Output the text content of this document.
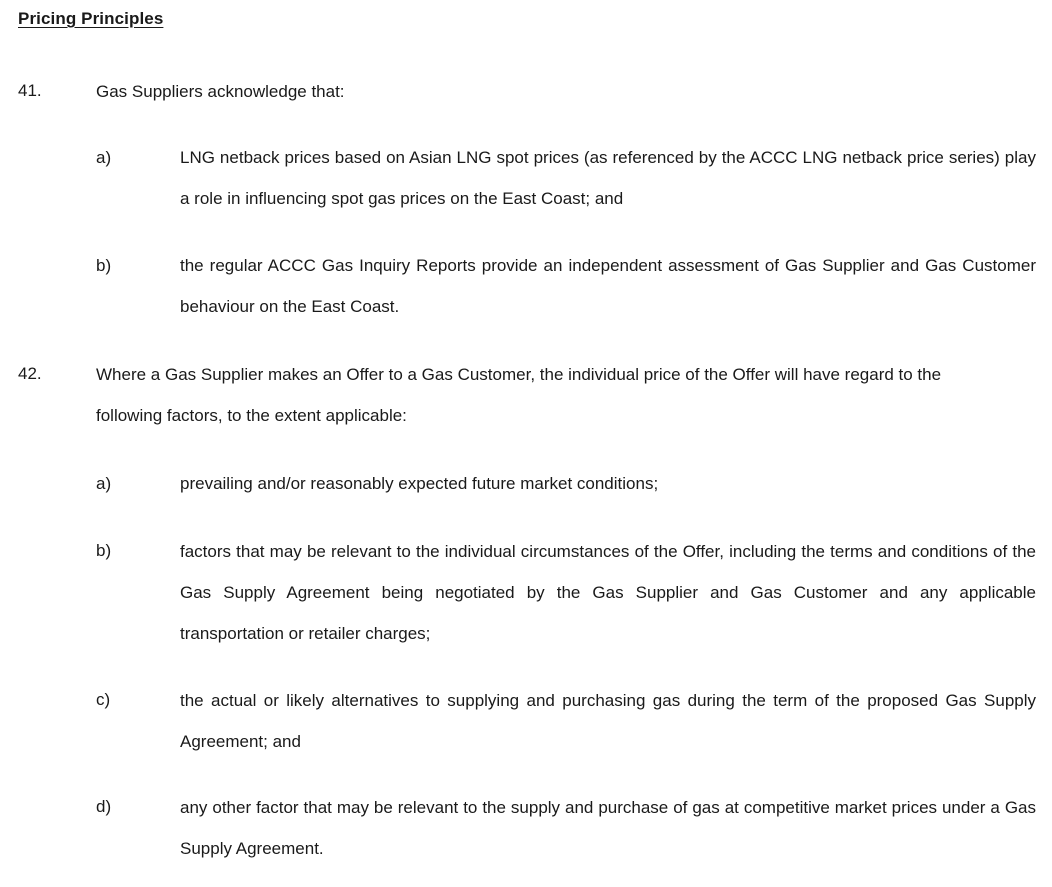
Pricing Principles
41.	Gas Suppliers acknowledge that:
a)	LNG netback prices based on Asian LNG spot prices (as referenced by the ACCC LNG netback price series) play a role in influencing spot gas prices on the East Coast; and
b)	the regular ACCC Gas Inquiry Reports provide an independent assessment of Gas Supplier and Gas Customer behaviour on the East Coast.
42.	Where a Gas Supplier makes an Offer to a Gas Customer, the individual price of the Offer will have regard to the following factors, to the extent applicable:
a)	prevailing and/or reasonably expected future market conditions;
b)	factors that may be relevant to the individual circumstances of the Offer, including the terms and conditions of the Gas Supply Agreement being negotiated by the Gas Supplier and Gas Customer and any applicable transportation or retailer charges;
c)	the actual or likely alternatives to supplying and purchasing gas during the term of the proposed Gas Supply Agreement; and
d)	any other factor that may be relevant to the supply and purchase of gas at competitive market prices under a Gas Supply Agreement.
